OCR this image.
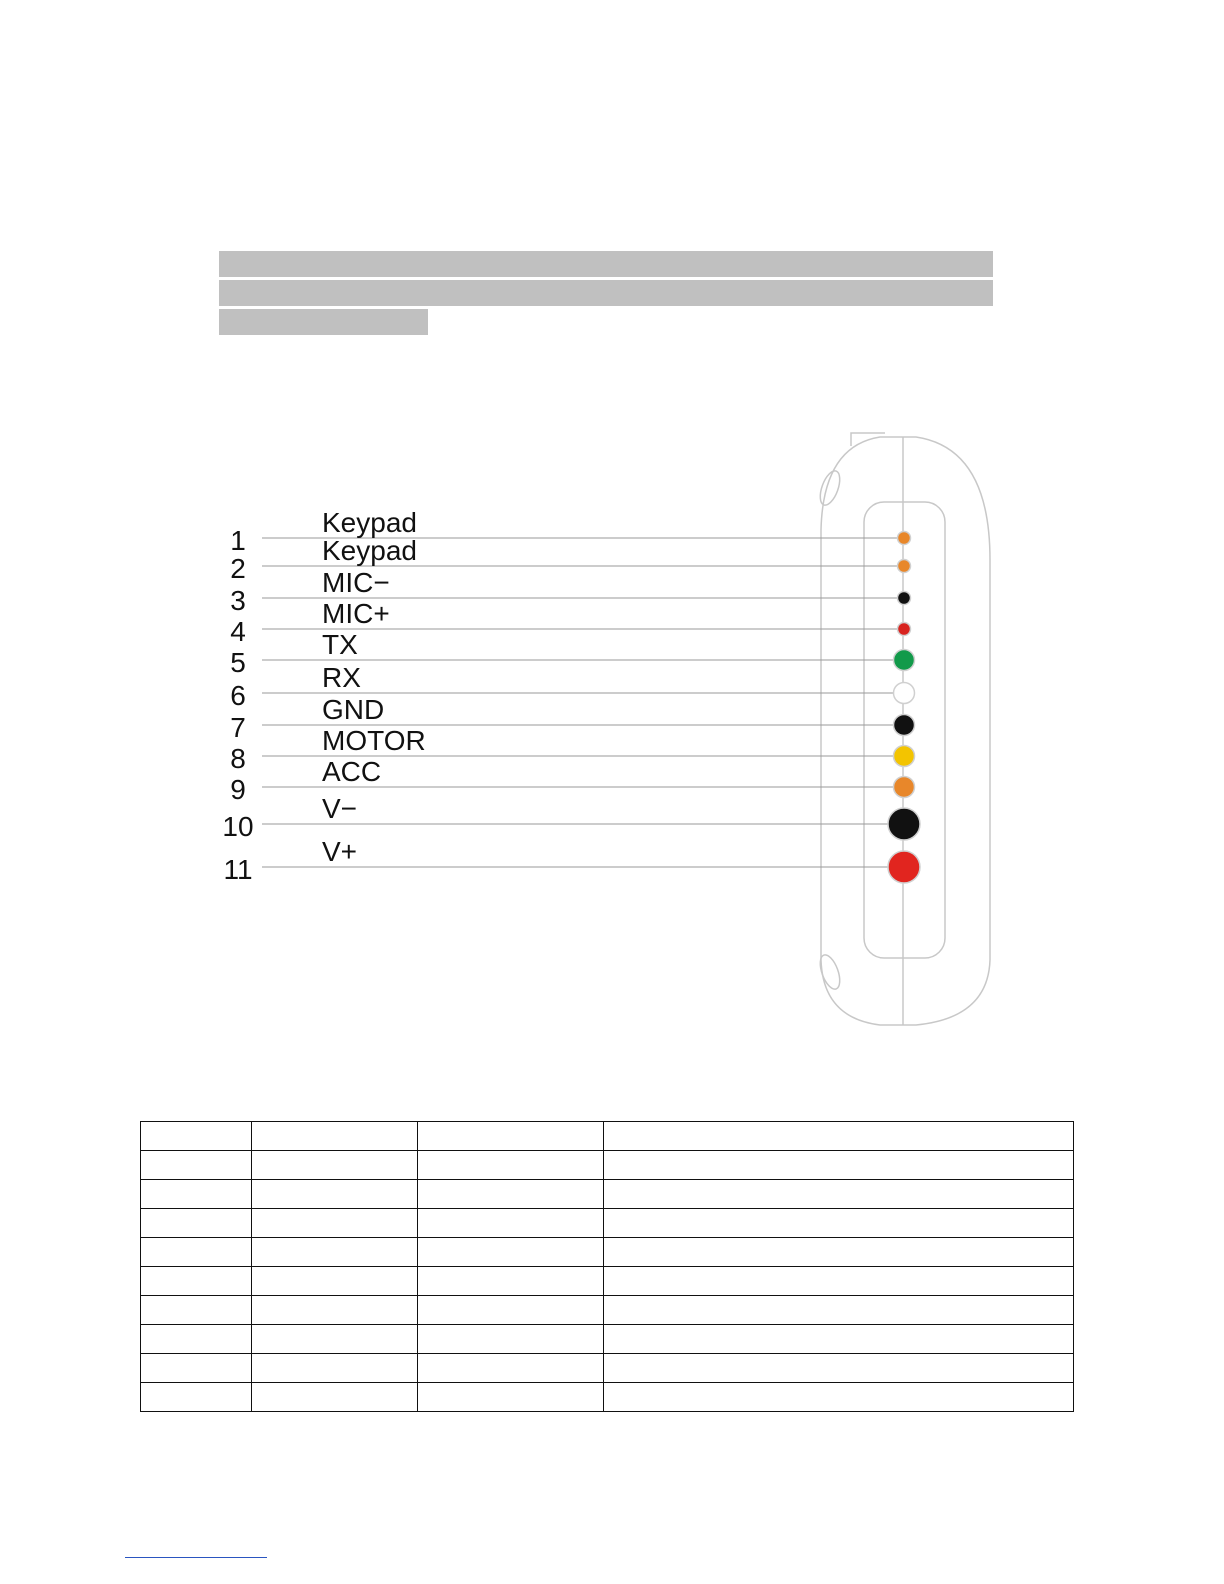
1
Keypad
2
Keypad
3
MIC−
4
MIC+
5
TX
6
RX
7
GND
8
MOTOR
9
ACC
10
V−
11
V+
